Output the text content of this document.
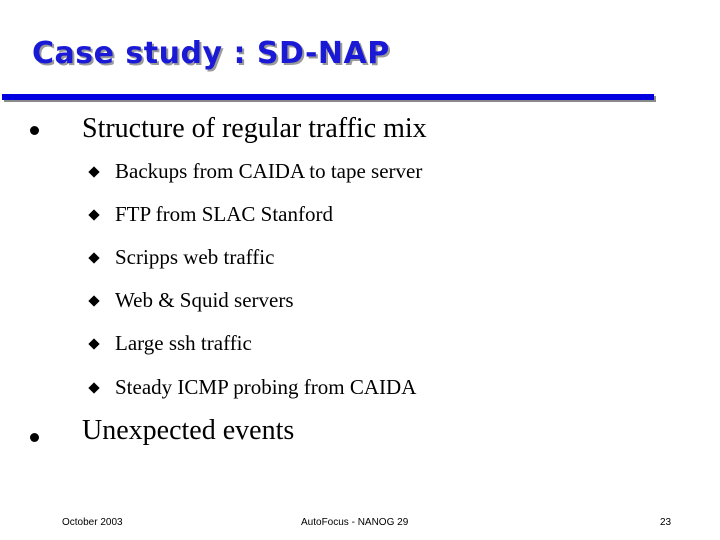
Case study : SD-NAP
Structure of regular traffic mix
Backups from CAIDA to tape server
FTP from SLAC Stanford
Scripps web traffic
Web & Squid servers
Large ssh traffic
Steady ICMP probing from CAIDA
Unexpected events
October 2003	AutoFocus - NANOG 29	23
